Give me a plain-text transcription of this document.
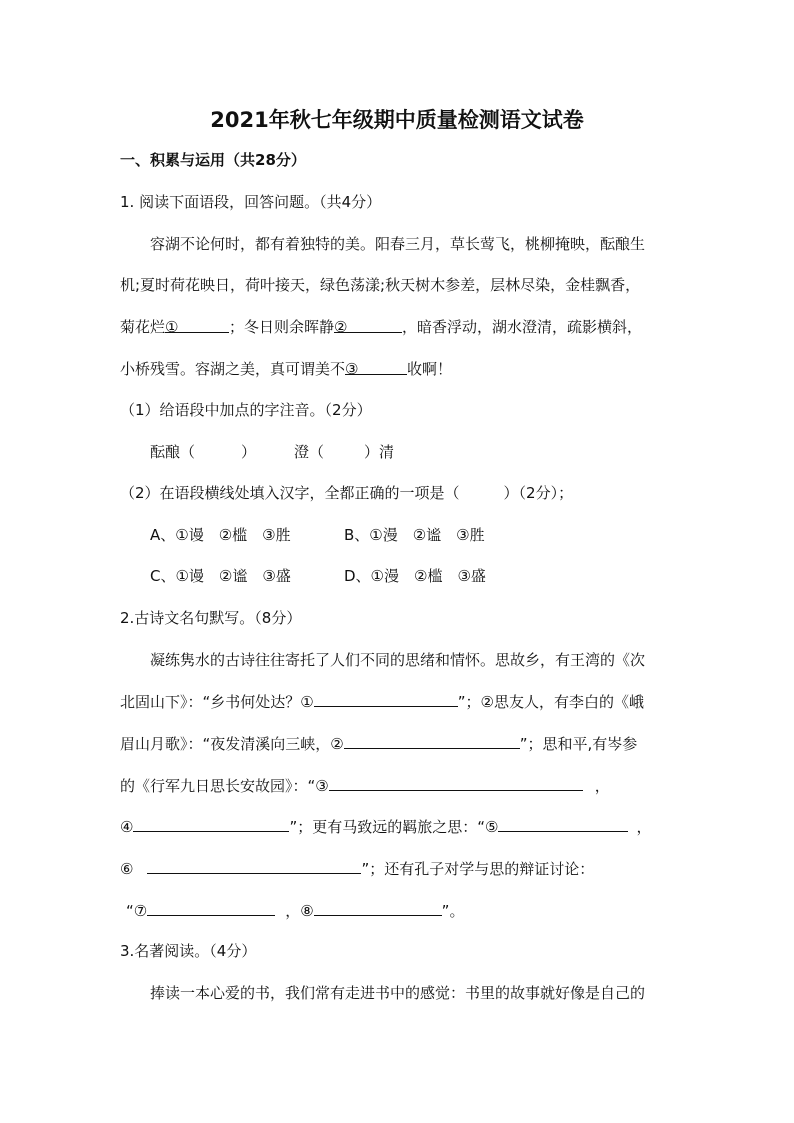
2021年秋七年级期中质量检测语文试卷
一、积累与运用（共28分）
1. 阅读下面语段，回答问题。（共4分）
容湖不论何时，都有着独特的美。阳春三月，草长莺飞，桃柳掩映，酝酿生
机;夏时荷花映日，荷叶接天，绿色荡漾;秋天树木参差，层林尽染，金桂飘香，
菊花烂①	；冬日则余晖静②	，暗香浮动，湖水澄清，疏影横斜，
小桥残雪。容湖之美，真可谓美不③	收啊！
（1）给语段中加点的字注音。（2分）
酝酿（	）	澄（	）清
（2）在语段横线处填入汉字，全都正确的一项是（	）（2分）；
A、①谩　②槛　③胜	B、①漫　②谧　③胜
C、①谩　②谧　③盛	D、①漫　②槛　③盛
2.古诗文名句默写。（8分）
凝练隽水的古诗往往寄托了人们不同的思绪和情怀。思故乡，有王湾的《次
北固山下》：“乡书何处达？①	”；②思友人，有李白的《峨
眉山月歌》：“夜发清溪向三峡，②	”；思和平,有岑参
的《行军九日思长安故园》：“③	，
④	”；更有马致远的羁旅之思：“⑤	，
⑥	”；还有孔子对学与思的辩证讨论：
“⑦	，⑧	”。
3.名著阅读。（4分）
捧读一本心爱的书，我们常有走进书中的感觉：书里的故事就好像是自己的
